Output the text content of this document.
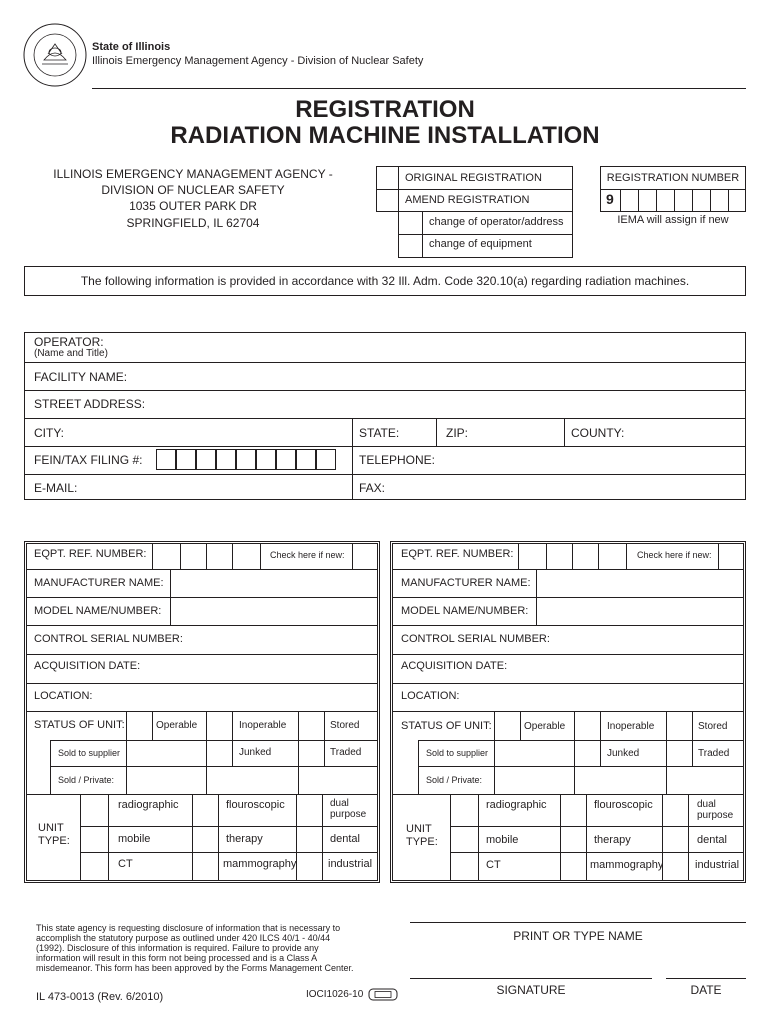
State of Illinois
Illinois Emergency Management Agency - Division of Nuclear Safety
REGISTRATION
RADIATION MACHINE INSTALLATION
ILLINOIS EMERGENCY MANAGEMENT AGENCY -
DIVISION OF NUCLEAR SAFETY
1035 OUTER PARK DR
SPRINGFIELD, IL 62704
ORIGINAL REGISTRATION
AMEND REGISTRATION
change of operator/address
change of equipment
REGISTRATION NUMBER
9
IEMA will assign if new
The following information is provided in accordance with 32 Ill. Adm. Code 320.10(a) regarding radiation machines.
OPERATOR:
(Name and Title)
FACILITY NAME:
STREET ADDRESS:
CITY:	STATE:	ZIP:	COUNTY:
FEIN/TAX FILING #:	TELEPHONE:
E-MAIL:	FAX:
EQPT. REF. NUMBER:	Check here if new:
MANUFACTURER NAME:
MODEL NAME/NUMBER:
CONTROL SERIAL NUMBER:
ACQUISITION DATE:
LOCATION:
STATUS OF UNIT:	Operable	Inoperable	Stored
Sold to supplier	Junked	Traded
Sold / Private:
UNIT
TYPE:
radiographic	flouroscopic	dual
purpose
mobile	therapy	dental
CT	mammography	industrial
EQPT. REF. NUMBER:	Check here if new:
MANUFACTURER NAME:
MODEL NAME/NUMBER:
CONTROL SERIAL NUMBER:
ACQUISITION DATE:
LOCATION:
STATUS OF UNIT:	Operable	Inoperable	Stored
Sold to supplier	Junked	Traded
Sold / Private:
UNIT
TYPE:
radiographic	flouroscopic	dual
purpose
mobile	therapy	dental
CT	mammography	industrial
This state agency is requesting disclosure of information that is necessary to
accomplish the statutory purpose as outlined under 420 ILCS 40/1 - 40/44
(1992). Disclosure of this information is required. Failure to provide any
information will result in this form not being processed and is a Class A
misdemeanor. This form has been approved by the Forms Management Center.
IL 473-0013 (Rev. 6/2010)	IOCI1026-10
PRINT OR TYPE NAME
SIGNATURE	DATE
